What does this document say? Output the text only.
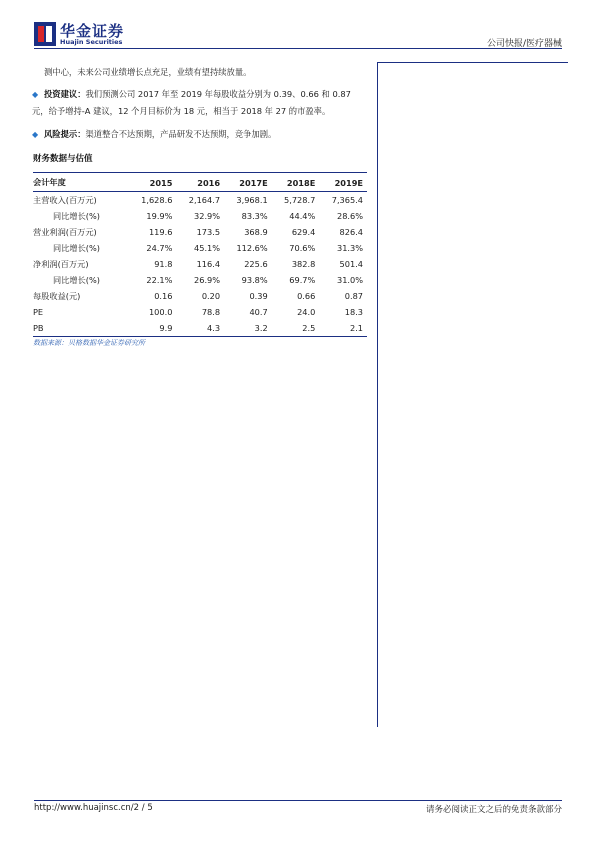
华金证券
Huajin Securities	公司快报/医疗器械
测中心，未来公司业绩增长点充足，业绩有望持续放量。
◆ 投资建议：我们预测公司 2017 年至 2019 年每股收益分别为 0.39、0.66 和 0.87 元，给予增持-A 建议，12 个月目标价为 18 元，相当于 2018 年 27 的市盈率。
◆ 风险提示：渠道整合不达预期，产品研发不达预期，竞争加剧。
财务数据与估值
会计年度	2015	2016	2017E	2018E	2019E
主营收入(百万元)	1,628.6	2,164.7	3,968.1	5,728.7	7,365.4
同比增长(%)	19.9%	32.9%	83.3%	44.4%	28.6%
营业利润(百万元)	119.6	173.5	368.9	629.4	826.4
同比增长(%)	24.7%	45.1%	112.6%	70.6%	31.3%
净利润(百万元)	91.8	116.4	225.6	382.8	501.4
同比增长(%)	22.1%	26.9%	93.8%	69.7%	31.0%
每股收益(元)	0.16	0.20	0.39	0.66	0.87
PE	100.0	78.8	40.7	24.0	18.3
PB	9.9	4.3	3.2	2.5	2.1
数据来源：贝格数据华金证券研究所
http://www.huajinsc.cn/2 / 5	请务必阅读正文之后的免责条款部分
